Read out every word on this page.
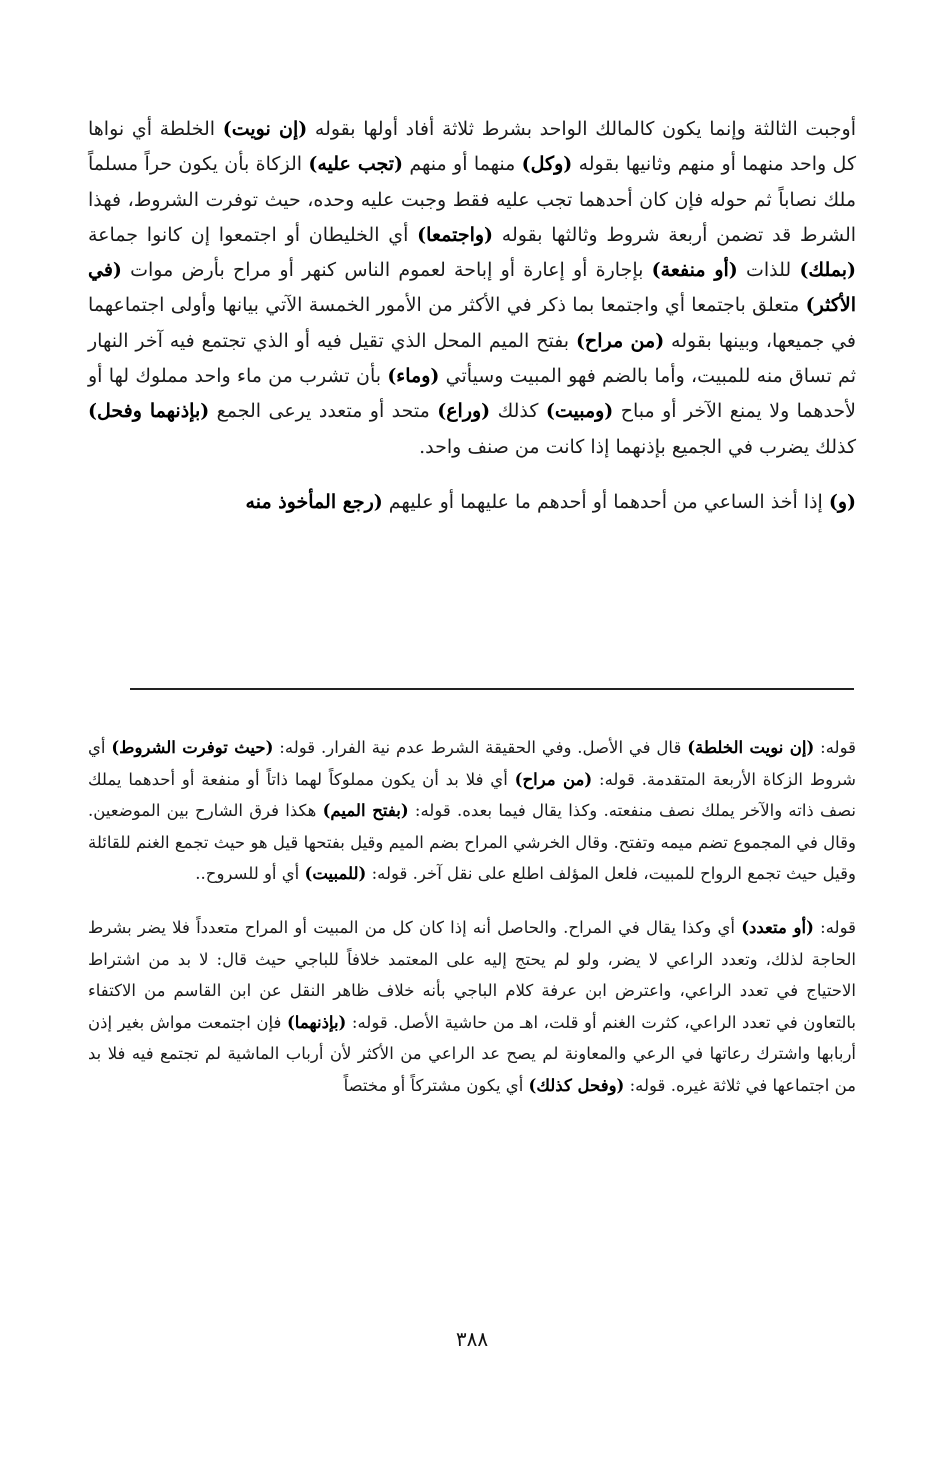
أوجبت الثالثة وإنما يكون كالمالك الواحد بشرط ثلاثة أفاد أولها بقوله (إن نويت) الخلطة أي نواها كل واحد منهما أو منهم وثانيها بقوله (وكل) منهما أو منهم (تجب عليه) الزكاة بأن يكون حراً مسلماً ملك نصاباً ثم حوله فإن كان أحدهما تجب عليه فقط وجبت عليه وحده، حيث توفرت الشروط، فهذا الشرط قد تضمن أربعة شروط وثالثها بقوله (واجتمعا) أي الخليطان أو اجتمعوا إن كانوا جماعة (بملك) للذات (أو منفعة) بإجارة أو إعارة أو إباحة لعموم الناس كنهر أو مراح بأرض موات (في الأكثر) متعلق باجتمعا أي واجتمعا بما ذكر في الأكثر من الأمور الخمسة الآتي بيانها وأولى اجتماعهما في جميعها، وبينها بقوله (من مراح) بفتح الميم المحل الذي تقيل فيه أو الذي تجتمع فيه آخر النهار ثم تساق منه للمبيت، وأما بالضم فهو المبيت وسيأتي (وماء) بأن تشرب من ماء واحد مملوك لها أو لأحدهما ولا يمنع الآخر أو مباح (ومبيت) كذلك (وراع) متحد أو متعدد يرعى الجمع (بإذنهما وفحل) كذلك يضرب في الجميع بإذنهما إذا كانت من صنف واحد.

(و) إذا أخذ الساعي من أحدهما أو أحدهم ما عليهما أو عليهم (رجع المأخوذ منه

قوله: (إن نويت الخلطة) قال في الأصل. وفي الحقيقة الشرط عدم نية الفرار. قوله: (حيث توفرت الشروط) أي شروط الزكاة الأربعة المتقدمة. قوله: (من مراح) أي فلا بد أن يكون مملوكاً لهما ذاتاً أو منفعة أو أحدهما يملك نصف ذاته والآخر يملك نصف منفعته. وكذا يقال فيما بعده. قوله: (بفتح الميم) هكذا فرق الشارح بين الموضعين. وقال في المجموع تضم ميمه وتفتح. وقال الخرشي المراح بضم الميم وقيل بفتحها قيل هو حيث تجمع الغنم للقائلة وقيل حيث تجمع الرواح للمبيت، فلعل المؤلف اطلع على نقل آخر. قوله: (للمبيت) أي أو للسروح..

قوله: (أو متعدد) أي وكذا يقال في المراح. والحاصل أنه إذا كان كل من المبيت أو المراح متعدداً فلا يضر بشرط الحاجة لذلك، وتعدد الراعي لا يضر، ولو لم يحتج إليه على المعتمد خلافاً للباجي حيث قال: لا بد من اشتراط الاحتياج في تعدد الراعي، واعترض ابن عرفة كلام الباجي بأنه خلاف ظاهر النقل عن ابن القاسم من الاكتفاء بالتعاون في تعدد الراعي، كثرت الغنم أو قلت، اهـ من حاشية الأصل. قوله: (بإذنهما) فإن اجتمعت مواش بغير إذن أربابها واشترك رعاتها في الرعي والمعاونة لم يصح عد الراعي من الأكثر لأن أرباب الماشية لم تجتمع فيه فلا بد من اجتماعها في ثلاثة غيره. قوله: (وفحل كذلك) أي يكون مشتركاً أو مختصاً

٣٨٨
